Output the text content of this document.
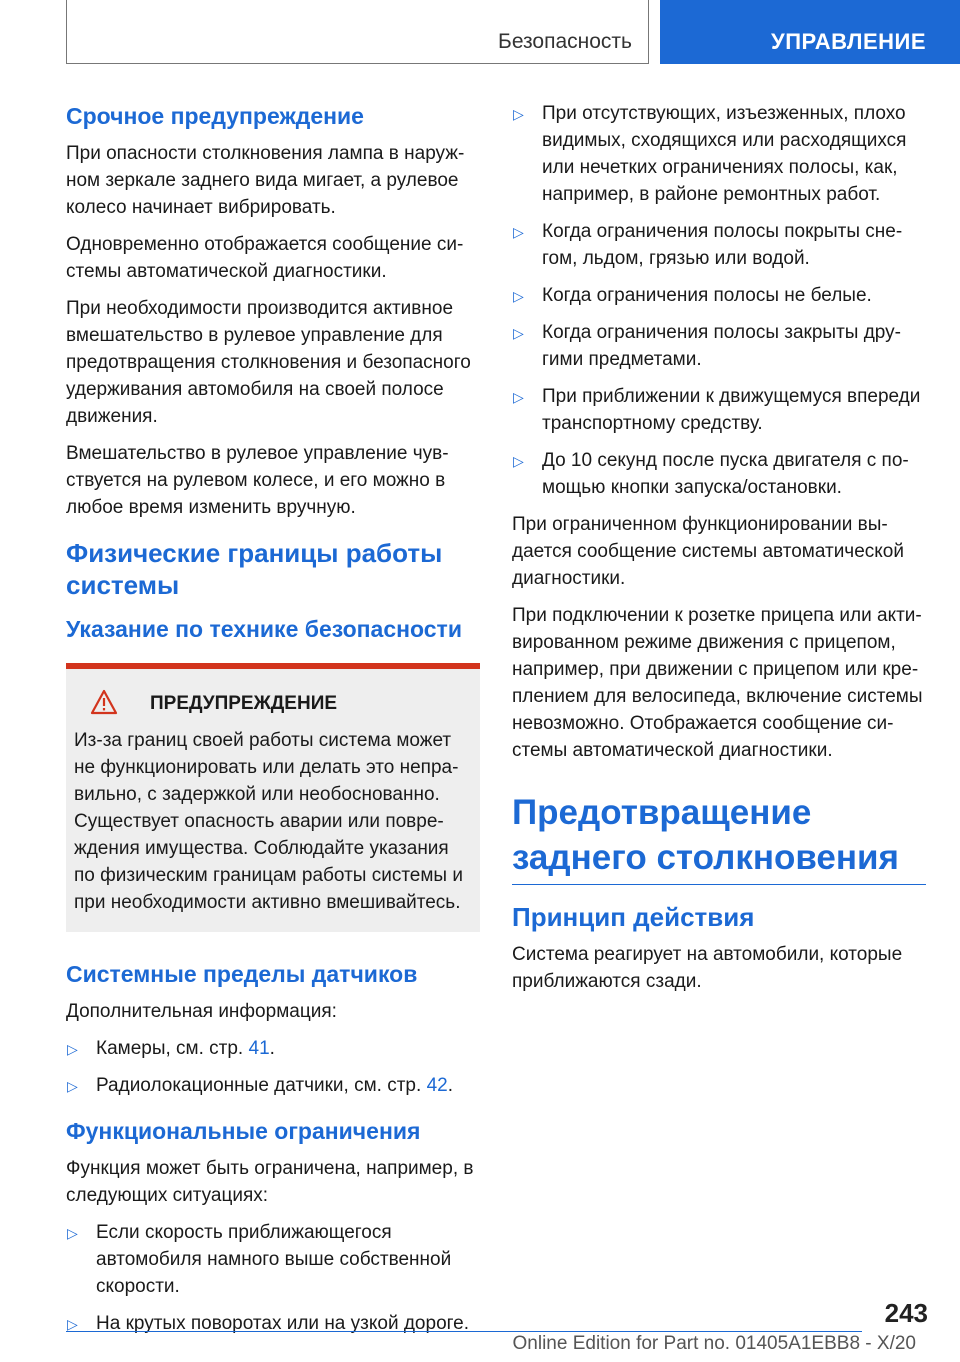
Безопасность	УПРАВЛЕНИЕ
Срочное предупреждение

При опасности столкновения лампа в наруж-ном зеркале заднего вида мигает, а рулевое колесо начинает вибрировать.

Одновременно отображается сообщение си-стемы автоматической диагностики.

При необходимости производится активное вмешательство в рулевое управление для предотвращения столкновения и безопасного удерживания автомобиля на своей полосе движения.

Вмешательство в рулевое управление чув-ствуется на рулевом колесе, и его можно в любое время изменить вручную.

Физические границы работы системы
Указание по технике безопасности
ПРЕДУПРЕЖДЕНИЕ

Из-за границ своей работы система может не функционировать или делать это непра-вильно, с задержкой или необоснованно. Существует опасность аварии или повре-ждения имущества. Соблюдайте указания по физическим границам работы системы и при необходимости активно вмешивайтесь.

Системные пределы датчиков

Дополнительная информация:

▷ Камеры, см. стр. 41.
▷ Радиолокационные датчики, см. стр. 42.
Функциональные ограничения

Функция может быть ограничена, например, в следующих ситуациях:

▷ Если скорость приближающегося автомобиля намного выше собственной скорости.
▷ На крутых поворотах или на узкой дороге.
▷ При отсутствующих, изъезженных, плохо видимых, сходящихся или расходящихся или нечетких ограничениях полосы, как, например, в районе ремонтных работ.
▷ Когда ограничения полосы покрыты сне-гом, льдом, грязью или водой.
▷ Когда ограничения полосы не белые.
▷ Когда ограничения полосы закрыты дру-гими предметами.
▷ При приближении к движущемуся впереди транспортному средству.
▷ До 10 секунд после пуска двигателя с по-мощью кнопки запуска/остановки.

При ограниченном функционировании вы-дается сообщение системы автоматической диагностики.

При подключении к розетке прицепа или акти-вированном режиме движения с прицепом, например, при движении с прицепом или кре-плением для велосипеда, включение системы невозможно. Отображается сообщение си-стемы автоматической диагностики.

Предотвращение заднего столкновения
Принцип действия

Система реагирует на автомобили, которые приближаются сзади.

243
Online Edition for Part no. 01405A1EBB8 - X/20
